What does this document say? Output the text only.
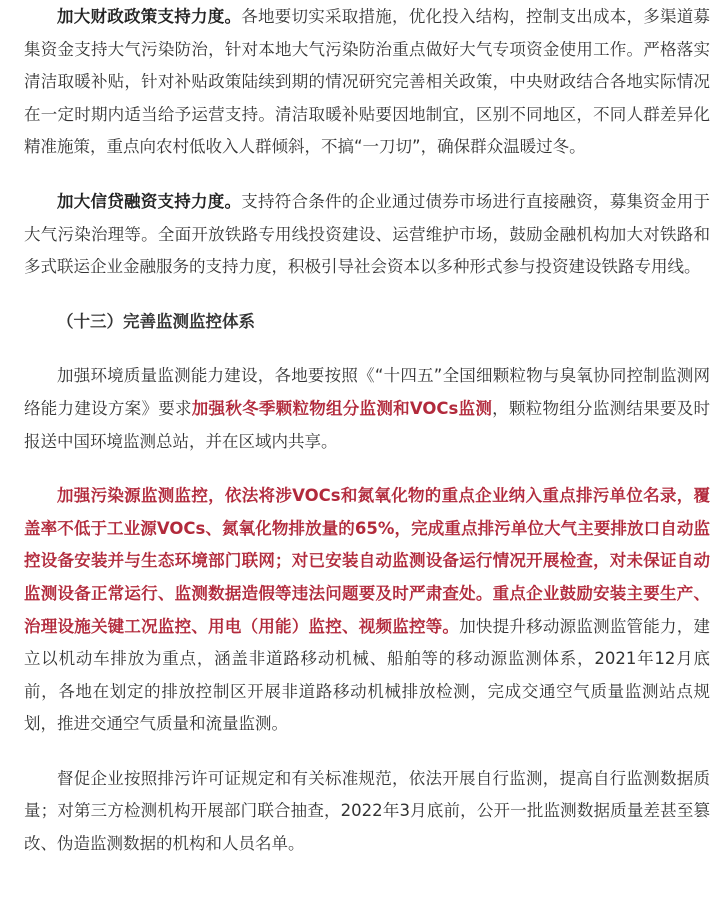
加大财政政策支持力度。各地要切实采取措施，优化投入结构，控制支出成本，多渠道募集资金支持大气污染防治，针对本地大气污染防治重点做好大气专项资金使用工作。严格落实清洁取暖补贴，针对补贴政策陆续到期的情况研究完善相关政策，中央财政结合各地实际情况在一定时期内适当给予运营支持。清洁取暖补贴要因地制宜，区别不同地区，不同人群差异化精准施策，重点向农村低收入人群倾斜，不搞“一刀切”，确保群众温暖过冬。

加大信贷融资支持力度。支持符合条件的企业通过债券市场进行直接融资，募集资金用于大气污染治理等。全面开放铁路专用线投资建设、运营维护市场，鼓励金融机构加大对铁路和多式联运企业金融服务的支持力度，积极引导社会资本以多种形式参与投资建设铁路专用线。

（十三）完善监测监控体系

加强环境质量监测能力建设，各地要按照《“十四五”全国细颗粒物与臭氧协同控制监测网络能力建设方案》要求加强秋冬季颗粒物组分监测和VOCs监测，颗粒物组分监测结果要及时报送中国环境监测总站，并在区域内共享。

加强污染源监测监控，依法将涉VOCs和氮氧化物的重点企业纳入重点排污单位名录，覆盖率不低于工业源VOCs、氮氧化物排放量的65%，完成重点排污单位大气主要排放口自动监控设备安装并与生态环境部门联网；对已安装自动监测设备运行情况开展检查，对未保证自动监测设备正常运行、监测数据造假等违法问题要及时严肃查处。重点企业鼓励安装主要生产、治理设施关键工况监控、用电（用能）监控、视频监控等。加快提升移动源监测监管能力，建立以机动车排放为重点，涵盖非道路移动机械、船舶等的移动源监测体系，2021年12月底前，各地在划定的排放控制区开展非道路移动机械排放检测，完成交通空气质量监测站点规划，推进交通空气质量和流量监测。

督促企业按照排污许可证规定和有关标准规范，依法开展自行监测，提高自行监测数据质量；对第三方检测机构开展部门联合抽查，2022年3月底前，公开一批监测数据质量差甚至篡改、伪造监测数据的机构和人员名单。
